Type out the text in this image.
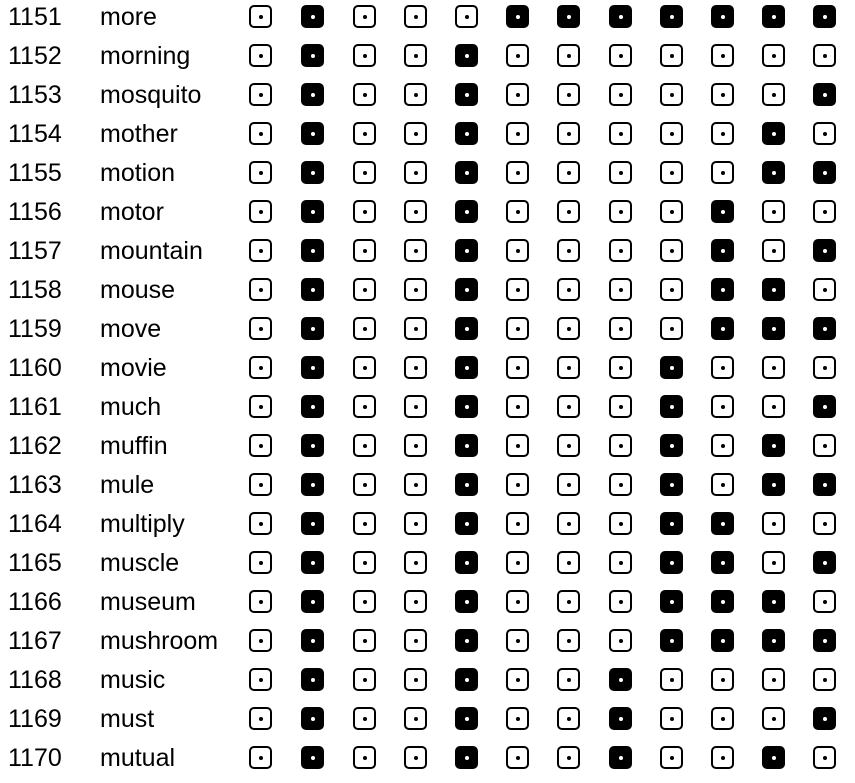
1151 more
1152 morning
1153 mosquito
1154 mother
1155 motion
1156 motor
1157 mountain
1158 mouse
1159 move
1160 movie
1161 much
1162 muffin
1163 mule
1164 multiply
1165 muscle
1166 museum
1167 mushroom
1168 music
1169 must
1170 mutual
